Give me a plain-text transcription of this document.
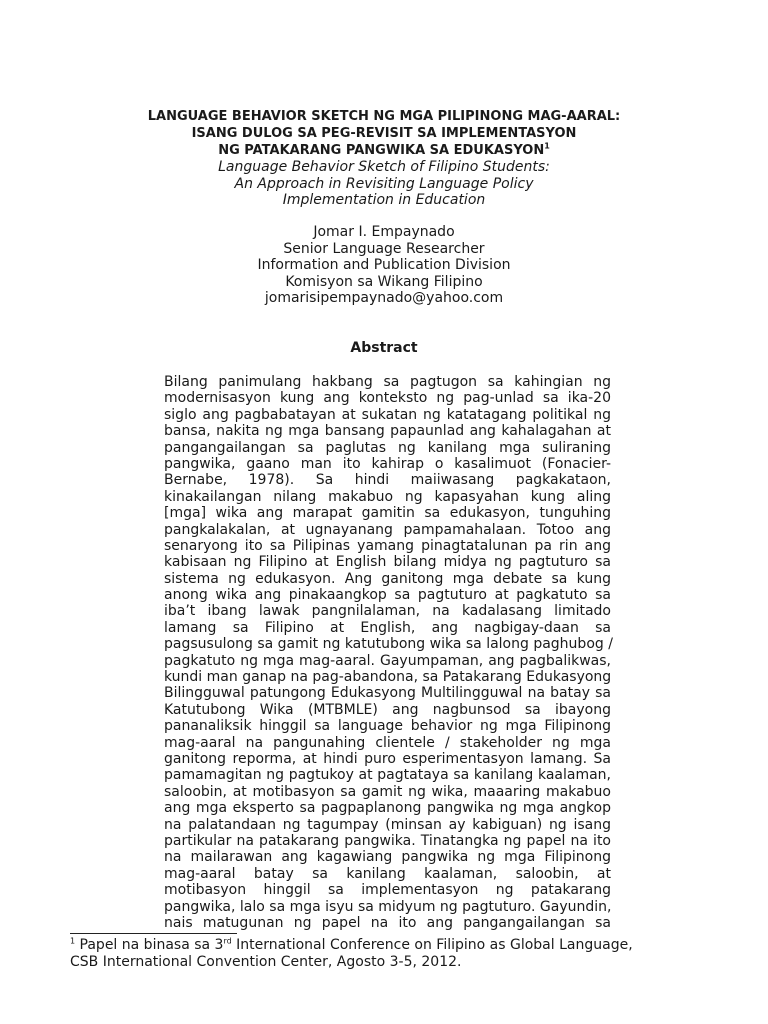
LANGUAGE BEHAVIOR SKETCH NG MGA PILIPINONG MAG-AARAL:
ISANG DULOG SA PEG-REVISIT SA IMPLEMENTASYON
NG PATAKARANG PANGWIKA SA EDUKASYON$^1$
Language Behavior Sketch of Filipino Students:
An Approach in Revisiting Language Policy
Implementation in Education
Jomar I. Empaynado
Senior Language Researcher
Information and Publication Division
Komisyon sa Wikang Filipino
jomarisipempaynado@yahoo.com
Abstract
Bilang panimulang hakbang sa pagtugon sa kahingian ng
modernisasyon kung ang konteksto ng pag-unlad sa ika-20
siglo ang pagbabatayan at sukatan ng katatagang politikal ng
bansa, nakita ng mga bansang papaunlad ang kahalagahan at
pangangailangan sa paglutas ng kanilang mga suliraning
pangwika, gaano man ito kahirap o kasalimuot (Fonacier-
Bernabe, 1978). Sa hindi maiiwasang pagkakataon,
kinakailangan nilang makabuo ng kapasyahan kung aling
[mga] wika ang marapat gamitin sa edukasyon, tunguhing
pangkalakalan, at ugnayanang pampamahalaan. Totoo ang
senaryong ito sa Pilipinas yamang pinagtatalunan pa rin ang
kabisaan ng Filipino at English bilang midya ng pagtuturo sa
sistema ng edukasyon. Ang ganitong mga debate sa kung
anong wika ang pinakaangkop sa pagtuturo at pagkatuto sa
iba’t ibang lawak pangnilalaman, na kadalasang limitado
lamang sa Filipino at English, ang nagbigay-daan sa
pagsusulong sa gamit ng katutubong wika sa lalong paghubog /
pagkatuto ng mga mag-aaral. Gayumpaman, ang pagbalikwas,
kundi man ganap na pag-abandona, sa Patakarang Edukasyong
Bilingguwal patungong Edukasyong Multilingguwal na batay sa
Katutubong Wika (MTBMLE) ang nagbunsod sa ibayong
pananaliksik hinggil sa language behavior ng mga Filipinong
mag-aaral na pangunahing clientele / stakeholder ng mga
ganitong reporma, at hindi puro esperimentasyon lamang. Sa
pamamagitan ng pagtukoy at pagtataya sa kanilang kaalaman,
saloobin, at motibasyon sa gamit ng wika, maaaring makabuo
ang mga eksperto sa pagpaplanong pangwika ng mga angkop
na palatandaan ng tagumpay (minsan ay kabiguan) ng isang
partikular na patakarang pangwika. Tinatangka ng papel na ito
na mailarawan ang kagawiang pangwika ng mga Filipinong
mag-aaral batay sa kanilang kaalaman, saloobin, at
motibasyon hinggil sa implementasyon ng patakarang
pangwika, lalo sa mga isyu sa midyum ng pagtuturo. Gayundin,
nais matugunan ng papel na ito ang pangangailangan sa
$^1$ Papel na binasa sa 3rd International Conference on Filipino as Global Language,
CSB International Convention Center, Agosto 3-5, 2012.
